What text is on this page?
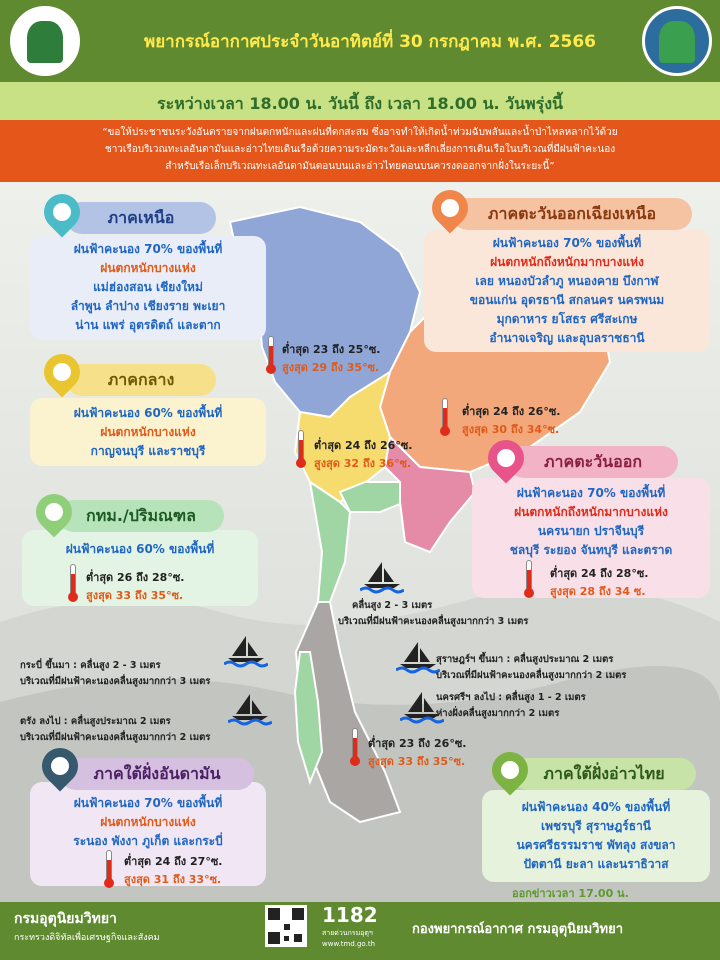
พยากรณ์อากาศประจำวันอาทิตย์ที่ 30 กรกฎาคม พ.ศ. 2566
ระหว่างเวลา 18.00 น. วันนี้ ถึง เวลา 18.00 น. วันพรุ่งนี้
“ขอให้ประชาชนระวังอันตรายจากฝนตกหนักและฝนที่ตกสะสม ซึ่งอาจทำให้เกิดน้ำท่วมฉับพลันและน้ำป่าไหลหลากไว้ด้วย
ชาวเรือบริเวณทะเลอันดามันและอ่าวไทยเดินเรือด้วยความระมัดระวังและหลีกเลี่ยงการเดินเรือในบริเวณที่มีฝนฟ้าคะนอง
สำหรับเรือเล็กบริเวณทะเลอันดามันตอนบนและอ่าวไทยตอนบนควรงดออกจากฝั่งในระยะนี้”
ภาคเหนือ
ฝนฟ้าคะนอง 70% ของพื้นที่
ฝนตกหนักบางแห่ง
แม่ฮ่องสอน เชียงใหม่
ลำพูน ลำปาง เชียงราย พะเยา
น่าน แพร่ อุตรดิตถ์ และตาก
ต่ำสุด 23 ถึง 25°ซ.
สูงสุด 29 ถึง 35°ซ.
ภาคตะวันออกเฉียงเหนือ
ฝนฟ้าคะนอง 70% ของพื้นที่
ฝนตกหนักถึงหนักมากบางแห่ง
เลย หนองบัวลำภู หนองคาย บึงกาฬ
ขอนแก่น อุดรธานี สกลนคร นครพนม
มุกดาหาร ยโสธร ศรีสะเกษ
อำนาจเจริญ และอุบลราชธานี
ต่ำสุด 24 ถึง 26°ซ.
สูงสุด 30 ถึง 34°ซ.
ภาคกลาง
ฝนฟ้าคะนอง 60% ของพื้นที่
ฝนตกหนักบางแห่ง
กาญจนบุรี และราชบุรี	ต่ำสุด 24 ถึง 26°ซ.
สูงสุด 32 ถึง 36°ซ.	ภาคตะวันออก
ฝนฟ้าคะนอง 70% ของพื้นที่
ฝนตกหนักถึงหนักมากบางแห่ง
นครนายก ปราจีนบุรี
ชลบุรี ระยอง จันทบุรี และตราด
ต่ำสุด 24 ถึง 28°ซ.
สูงสุด 28 ถึง 34 ซ.
กทม./ปริมณฑล
ฝนฟ้าคะนอง 60% ของพื้นที่
ต่ำสุด 26 ถึง 28°ซ.
สูงสุด 33 ถึง 35°ซ.
ภาคใต้ฝั่งอันดามัน
ฝนฟ้าคะนอง 70% ของพื้นที่
ฝนตกหนักบางแห่ง
ระนอง พังงา ภูเก็ต และกระบี่
ต่ำสุด 24 ถึง 27°ซ.
สูงสุด 31 ถึง 33°ซ.
ภาคใต้ฝั่งอ่าวไทย
ฝนฟ้าคะนอง 40% ของพื้นที่
เพชรบุรี สุราษฎร์ธานี
นครศรีธรรมราช พัทลุง สงขลา
ปัตตานี ยะลา และนราธิวาส
ต่ำสุด 23 ถึง 26°ซ.
สูงสุด 33 ถึง 35°ซ.
คลื่นสูง 2 - 3 เมตร
บริเวณที่มีฝนฟ้าคะนองคลื่นสูงมากกว่า 3 เมตร
กระบี่ ขึ้นมา : คลื่นสูง 2 - 3 เมตร
บริเวณที่มีฝนฟ้าคะนองคลื่นสูงมากกว่า 3 เมตร
ตรัง ลงไป : คลื่นสูงประมาณ 2 เมตร
บริเวณที่มีฝนฟ้าคะนองคลื่นสูงมากกว่า 2 เมตร
สุราษฎร์ฯ ขึ้นมา : คลื่นสูงประมาณ 2 เมตร
บริเวณที่มีฝนฟ้าคะนองคลื่นสูงมากกว่า 2 เมตร
นครศรีฯ ลงไป : คลื่นสูง 1 - 2 เมตร
ห่างฝั่งคลื่นสูงมากกว่า 2 เมตร
ออกข่าวเวลา 17.00 น.
กรมอุตุนิยมวิทยา
กระทรวงดิจิทัลเพื่อเศรษฐกิจและสังคม
1182
สายด่วนกรมอุตุฯ
www.tmd.go.th
กองพยากรณ์อากาศ กรมอุตุนิยมวิทยา
